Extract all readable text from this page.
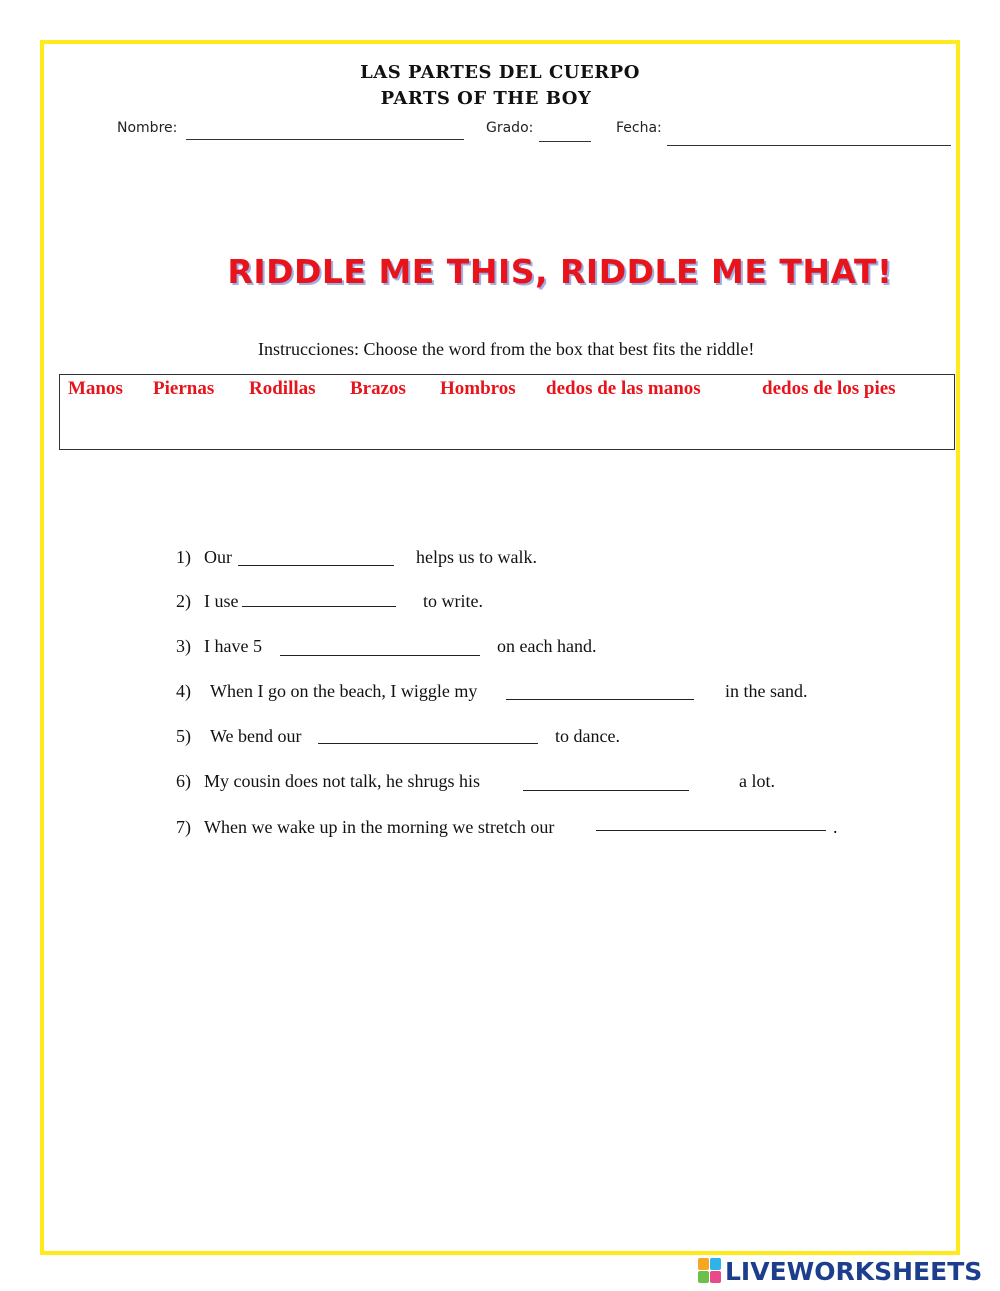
LAS PARTES DEL CUERPO
PARTS OF THE BOY
Nombre:	Grado:	Fecha:
RIDDLE ME THIS, RIDDLE ME THAT!
Instrucciones: Choose the word from the box that best fits the riddle!
Manos Piernas Rodillas Brazos Hombros dedos de las manos	dedos de los pies
1) Our	helps us to walk.
2) I use	to write.
3) I have 5	on each hand.
4) When I go on the beach, I wiggle my	in the sand.
5) We bend our	to dance.
6) My cousin does not talk, he shrugs his	a lot.
7) When we wake up in the morning we stretch our	.
LIVEWORKSHEETS
